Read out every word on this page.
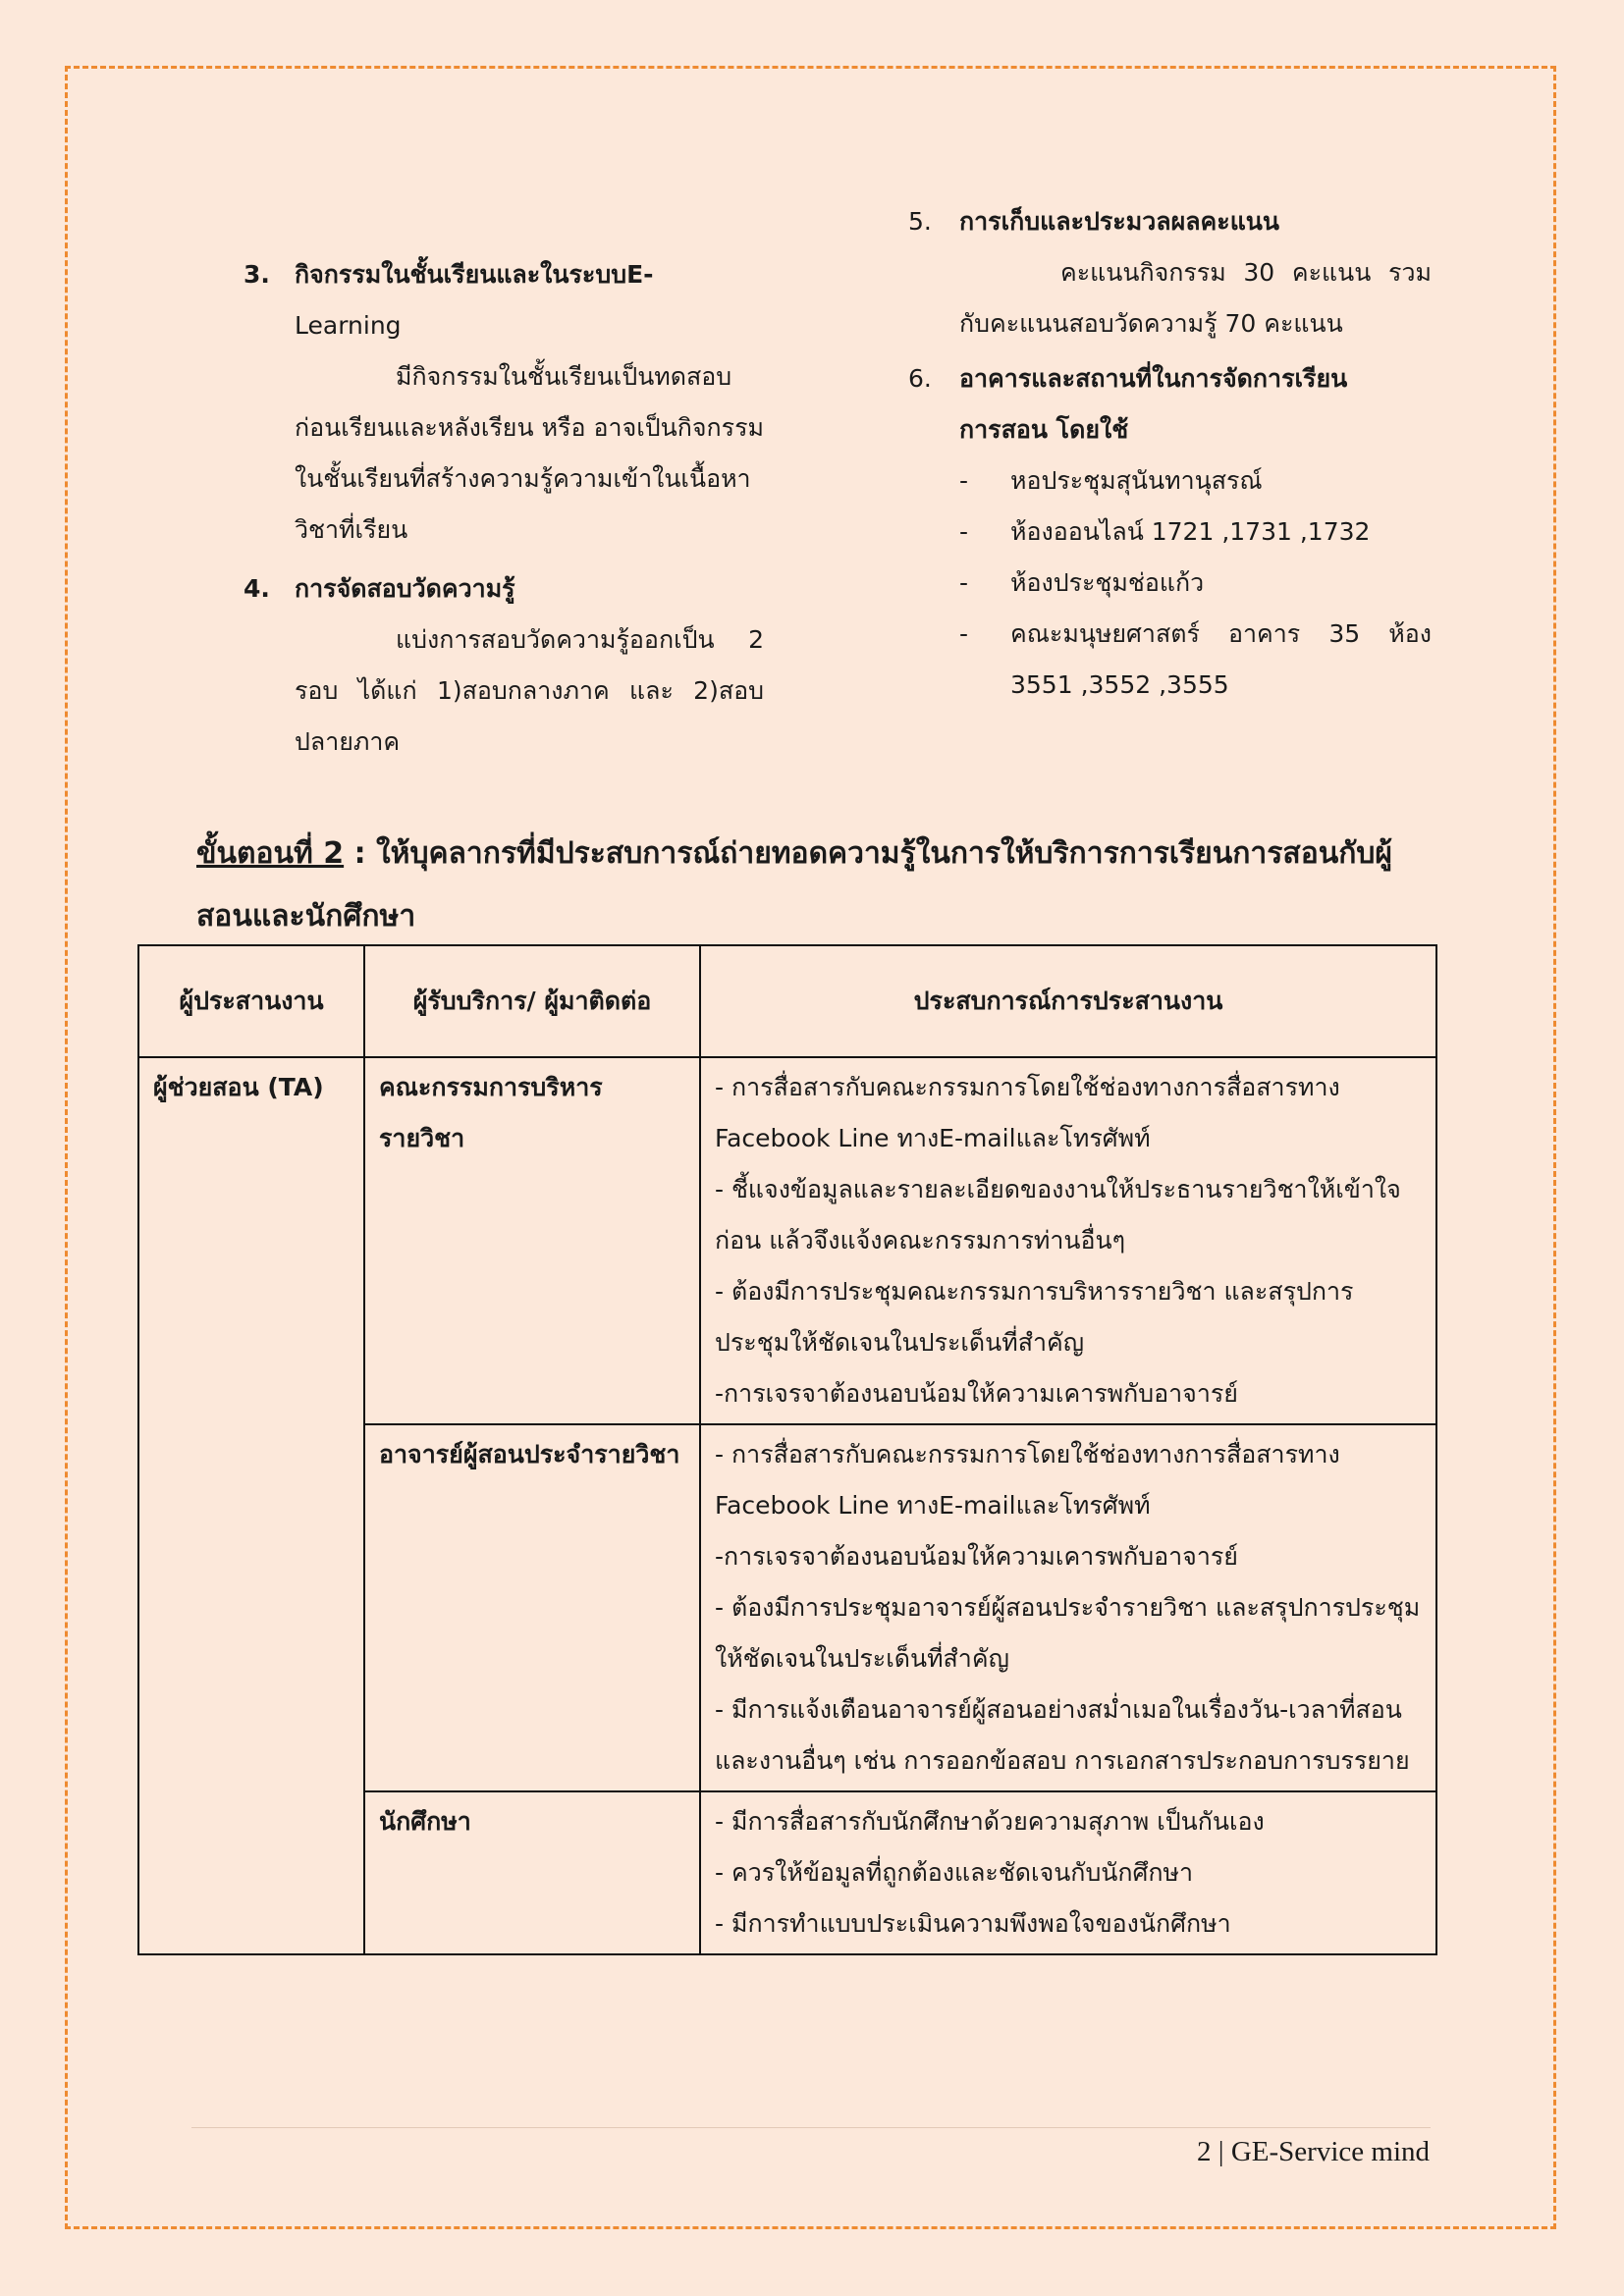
3. กิจกรรมในชั้นเรียนและในระบบE-
Learning
มีกิจกรรมในชั้นเรียนเป็นทดสอบก่อนเรียนและหลังเรียน หรือ อาจเป็นกิจกรรมในชั้นเรียนที่สร้างความรู้ความเข้าในเนื้อหาวิชาที่เรียน
4. การจัดสอบวัดความรู้
แบ่งการสอบวัดความรู้ออกเป็น 2 รอบ ได้แก่ 1)สอบกลางภาค และ 2)สอบปลายภาค
5. การเก็บและประมวลผลคะแนน
คะแนนกิจกรรม 30 คะแนน รวมกับคะแนนสอบวัดความรู้ 70 คะแนน
6. อาคารและสถานที่ในการจัดการเรียน
การสอน โดยใช้
- หอประชุมสุนันทานุสรณ์
- ห้องออนไลน์ 1721 ,1731 ,1732
- ห้องประชุมช่อแก้ว
- คณะมนุษยศาสตร์ อาคาร 35 ห้อง 3551 ,3552 ,3555
ขั้นตอนที่ 2 : ให้บุคลากรที่มีประสบการณ์ถ่ายทอดความรู้ในการให้บริการการเรียนการสอนกับผู้สอนและนักศึกษา
ผู้ประสานงาน	ผู้รับบริการ/ ผู้มาติดต่อ	ประสบการณ์การประสานงาน
ผู้ช่วยสอน (TA)	คณะกรรมการบริหารรายวิชา	- การสื่อสารกับคณะกรรมการโดยใช้ช่องทางการสื่อสารทาง Facebook Line ทางE-mailและโทรศัพท์
- ชี้แจงข้อมูลและรายละเอียดของงานให้ประธานรายวิชาให้เข้าใจก่อน แล้วจึงแจ้งคณะกรรมการท่านอื่นๆ
- ต้องมีการประชุมคณะกรรมการบริหารรายวิชา และสรุปการประชุมให้ชัดเจนในประเด็นที่สำคัญ
-การเจรจาต้องนอบน้อมให้ความเคารพกับอาจารย์

	อาจารย์ผู้สอนประจำรายวิชา	- การสื่อสารกับคณะกรรมการโดยใช้ช่องทางการสื่อสารทาง Facebook Line ทางE-mailและโทรศัพท์
-การเจรจาต้องนอบน้อมให้ความเคารพกับอาจารย์
- ต้องมีการประชุมอาจารย์ผู้สอนประจำรายวิชา และสรุปการประชุมให้ชัดเจนในประเด็นที่สำคัญ
- มีการแจ้งเตือนอาจารย์ผู้สอนอย่างสม่ำเมอในเรื่องวัน-เวลาที่สอน และงานอื่นๆ เช่น การออกข้อสอบ การเอกสารประกอบการบรรยาย

	นักศึกษา	- มีการสื่อสารกับนักศึกษาด้วยความสุภาพ เป็นกันเอง
- ควรให้ข้อมูลที่ถูกต้องและชัดเจนกับนักศึกษา
- มีการทำแบบประเมินความพึงพอใจของนักศึกษา
2 | GE-Service mind
